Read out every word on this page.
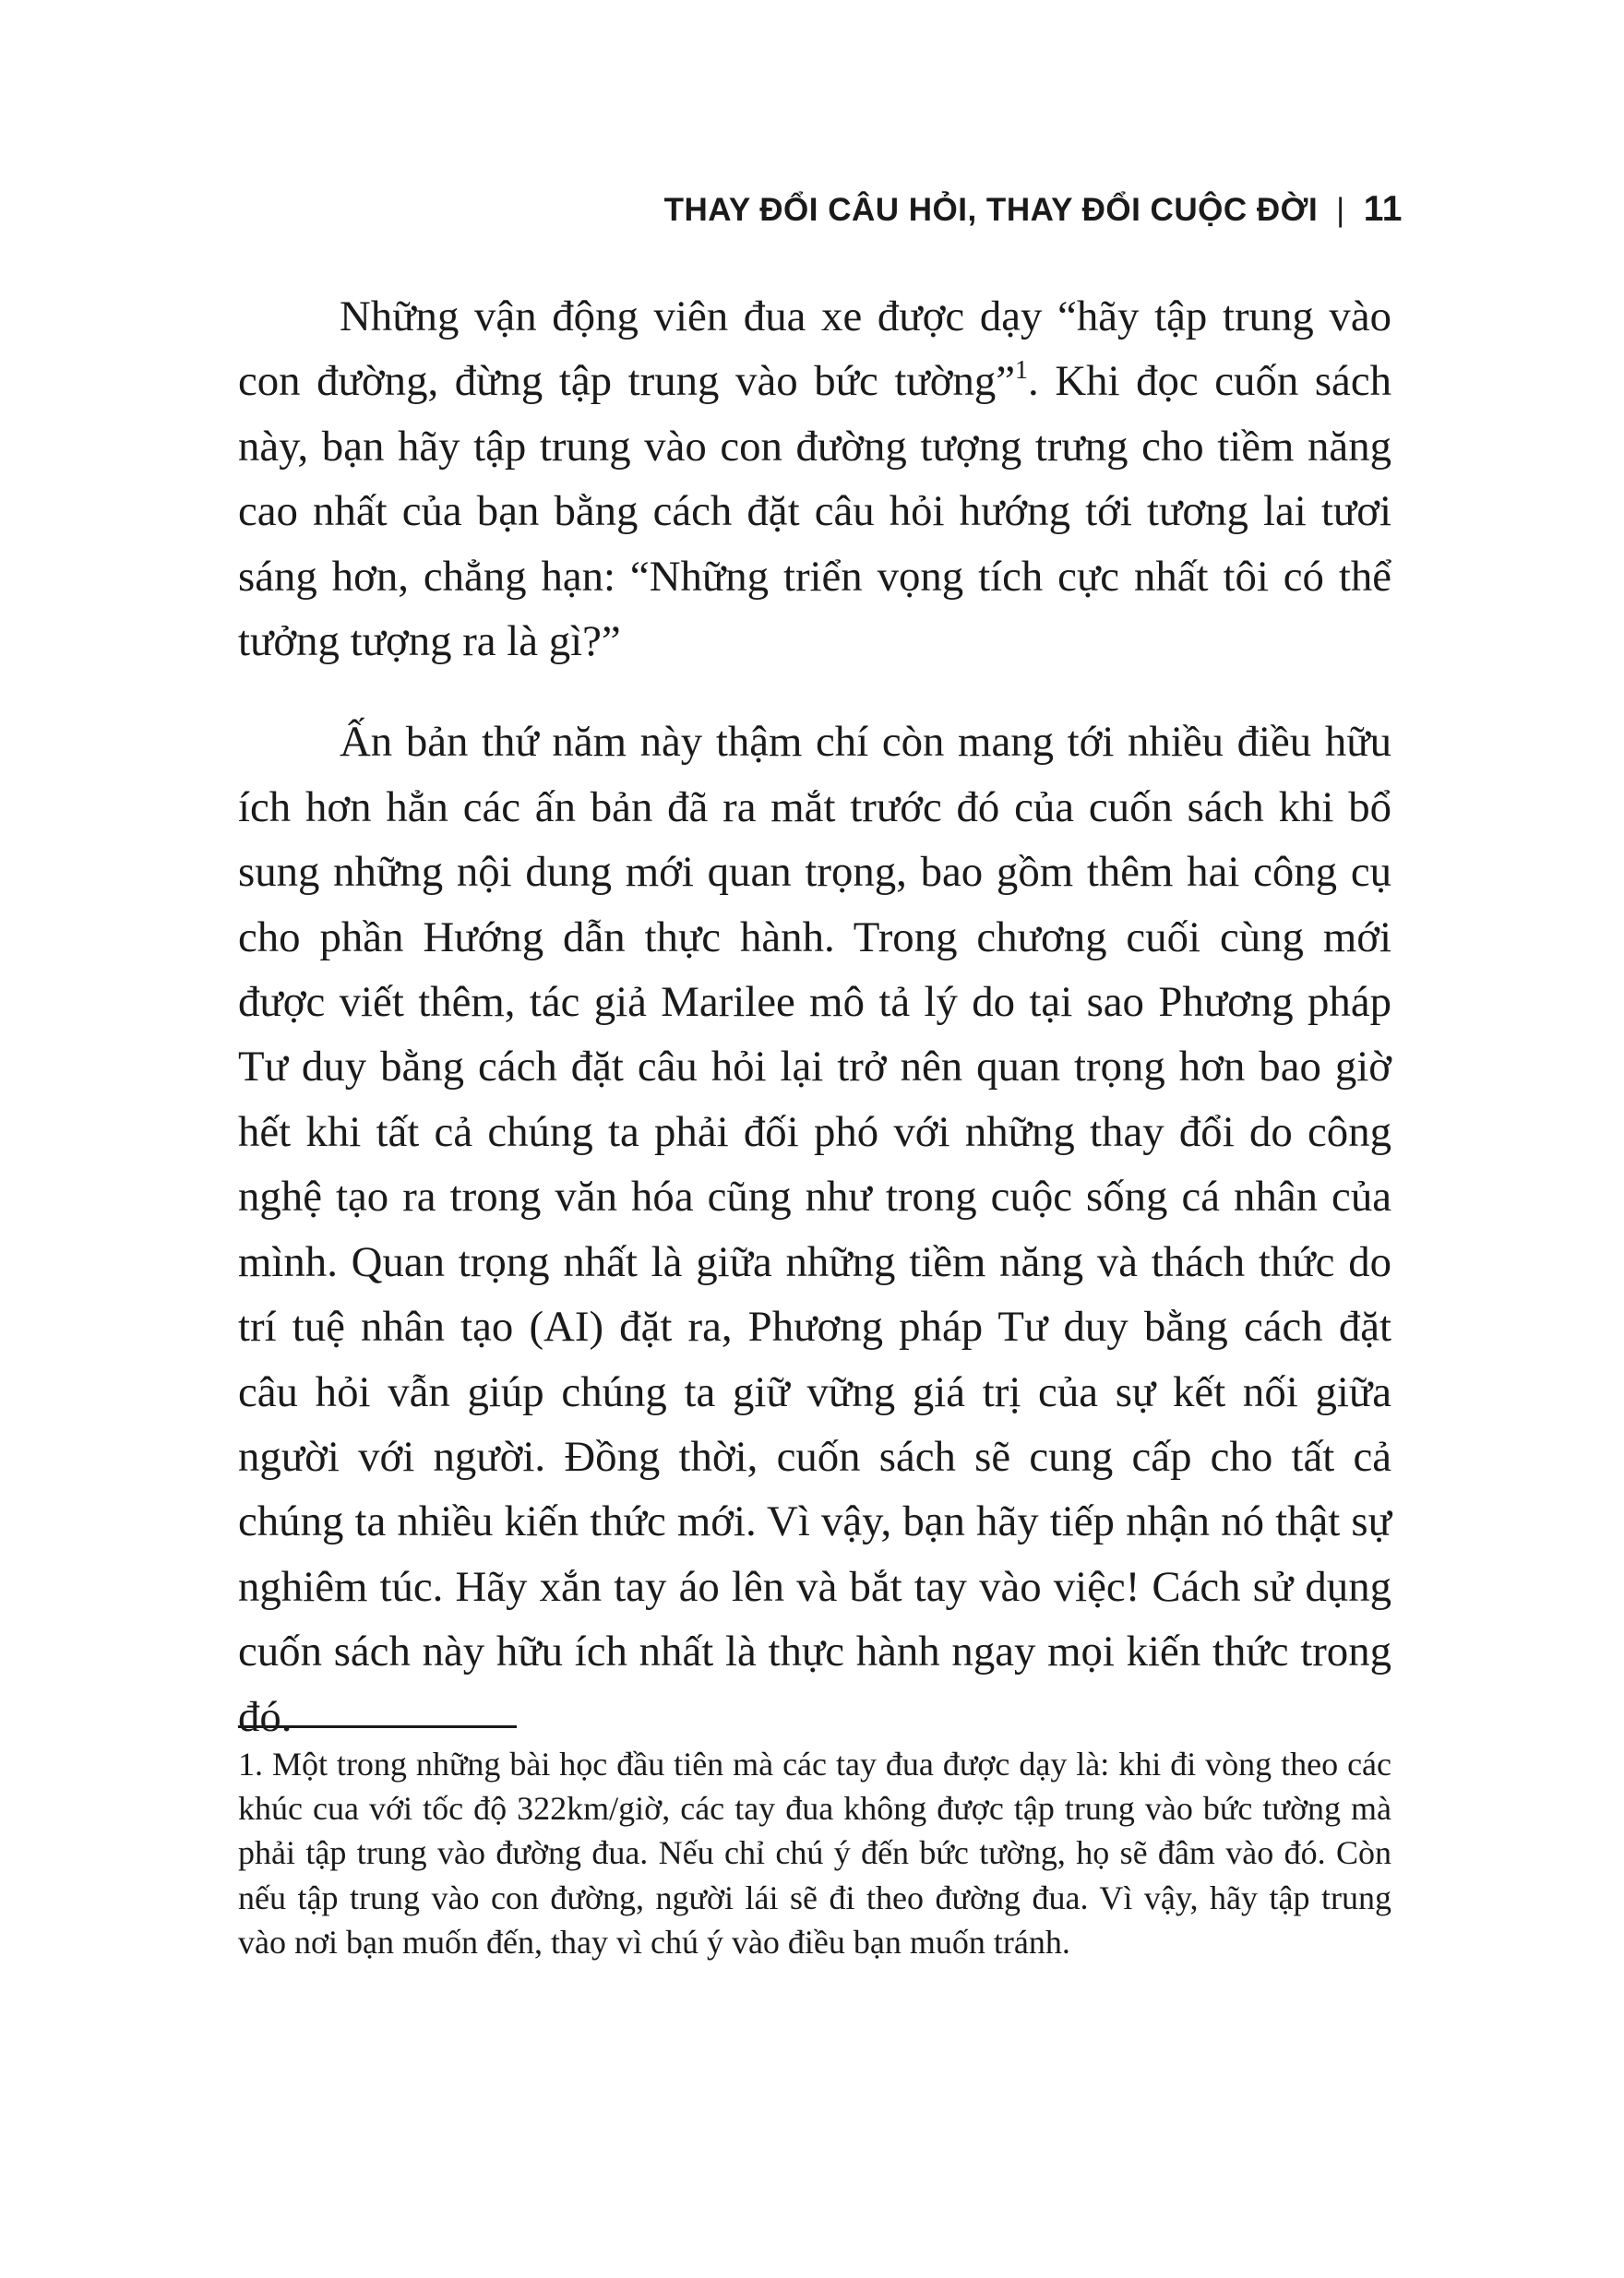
THAY ĐỔI CÂU HỎI, THAY ĐỔI CUỘC ĐỜI | 11

Những vận động viên đua xe được dạy “hãy tập trung vào con đường, đừng tập trung vào bức tường”$^1$. Khi đọc cuốn sách này, bạn hãy tập trung vào con đường tượng trưng cho tiềm năng cao nhất của bạn bằng cách đặt câu hỏi hướng tới tương lai tươi sáng hơn, chẳng hạn: “Những triển vọng tích cực nhất tôi có thể tưởng tượng ra là gì?”

Ấn bản thứ năm này thậm chí còn mang tới nhiều điều hữu ích hơn hẳn các ấn bản đã ra mắt trước đó của cuốn sách khi bổ sung những nội dung mới quan trọng, bao gồm thêm hai công cụ cho phần Hướng dẫn thực hành. Trong chương cuối cùng mới được viết thêm, tác giả Marilee mô tả lý do tại sao Phương pháp Tư duy bằng cách đặt câu hỏi lại trở nên quan trọng hơn bao giờ hết khi tất cả chúng ta phải đối phó với những thay đổi do công nghệ tạo ra trong văn hóa cũng như trong cuộc sống cá nhân của mình. Quan trọng nhất là giữa những tiềm năng và thách thức do trí tuệ nhân tạo (AI) đặt ra, Phương pháp Tư duy bằng cách đặt câu hỏi vẫn giúp chúng ta giữ vững giá trị của sự kết nối giữa người với người. Đồng thời, cuốn sách sẽ cung cấp cho tất cả chúng ta nhiều kiến thức mới. Vì vậy, bạn hãy tiếp nhận nó thật sự nghiêm túc. Hãy xắn tay áo lên và bắt tay vào việc! Cách sử dụng cuốn sách này hữu ích nhất là thực hành ngay mọi kiến thức trong đó.

1. Một trong những bài học đầu tiên mà các tay đua được dạy là: khi đi vòng theo các khúc cua với tốc độ 322km/giờ, các tay đua không được tập trung vào bức tường mà phải tập trung vào đường đua. Nếu chỉ chú ý đến bức tường, họ sẽ đâm vào đó. Còn nếu tập trung vào con đường, người lái sẽ đi theo đường đua. Vì vậy, hãy tập trung vào nơi bạn muốn đến, thay vì chú ý vào điều bạn muốn tránh.
